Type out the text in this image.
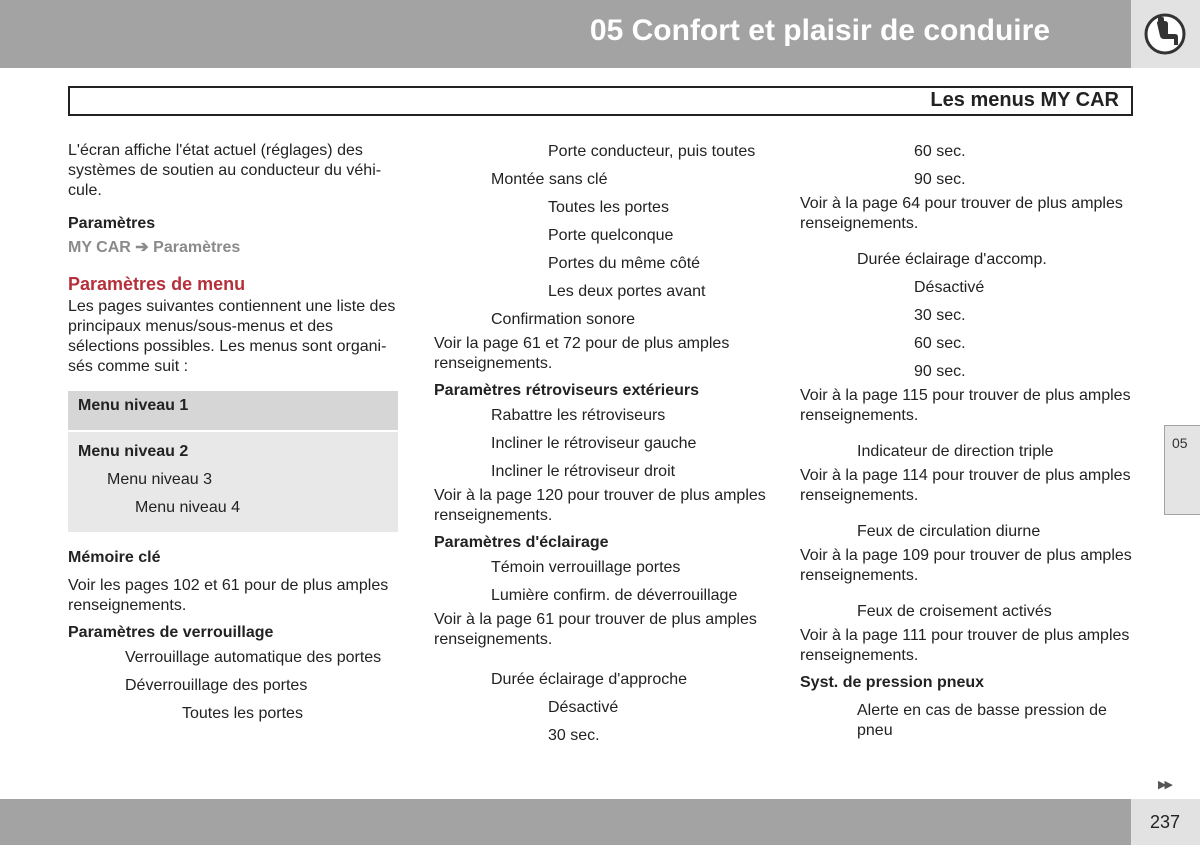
05 Confort et plaisir de conduire
Les menus MY CAR

L'écran affiche l'état actuel (réglages) des systèmes de soutien au conducteur du véhi-cule.

Paramètres

MY CAR ➔ Paramètres

Paramètres de menu

Les pages suivantes contiennent une liste des principaux menus/sous-menus et des sélections possibles. Les menus sont organi-sés comme suit :

Menu niveau 1
Menu niveau 2
Menu niveau 3
Menu niveau 4

Mémoire clé

Voir les pages 102 et 61 pour de plus amples renseignements.

Paramètres de verrouillage

Verrouillage automatique des portes
Déverrouillage des portes
Toutes les portes
Porte conducteur, puis toutes
Montée sans clé
Toutes les portes
Porte quelconque
Portes du même côté
Les deux portes avant
Confirmation sonore

Voir la page 61 et 72 pour de plus amples renseignements.

Paramètres rétroviseurs extérieurs

Rabattre les rétroviseurs
Incliner le rétroviseur gauche
Incliner le rétroviseur droit

Voir à la page 120 pour trouver de plus amples renseignements.

Paramètres d'éclairage

Témoin verrouillage portes
Lumière confirm. de déverrouillage

Voir à la page 61 pour trouver de plus amples renseignements.

Durée éclairage d'approche
Désactivé
30 sec.
60 sec.
90 sec.

Voir à la page 64 pour trouver de plus amples renseignements.

Durée éclairage d'accomp.
Désactivé
30 sec.
60 sec.
90 sec.

Voir à la page 115 pour trouver de plus amples renseignements.

Indicateur de direction triple

Voir à la page 114 pour trouver de plus amples renseignements.

Feux de circulation diurne

Voir à la page 109 pour trouver de plus amples renseignements.

Feux de croisement activés

Voir à la page 111 pour trouver de plus amples renseignements.

Syst. de pression pneux

Alerte en cas de basse pression de pneu

05
▶▶
237
